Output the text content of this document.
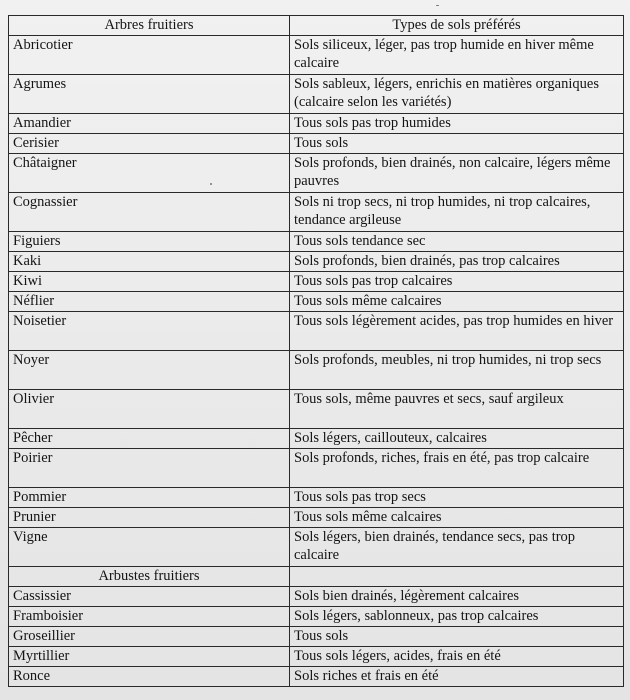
Arbres fruitiers	Types de sols préférés
Abricotier	Sols siliceux, léger, pas trop humide en hiver même calcaire
Agrumes	Sols sableux, légers, enrichis en matières organiques (calcaire selon les variétés)
Amandier	Tous sols pas trop humides
Cerisier	Tous sols
Châtaigner	Sols profonds, bien drainés, non calcaire, légers même pauvres
Cognassier	Sols ni trop secs, ni trop humides, ni trop calcaires, tendance argileuse
Figuiers	Tous sols tendance sec
Kaki	Sols profonds, bien drainés, pas trop calcaires
Kiwi	Tous sols pas trop calcaires
Néflier	Tous sols même calcaires
Noisetier	Tous sols légèrement acides, pas trop humides en hiver
Noyer	Sols profonds, meubles, ni trop humides, ni trop secs
Olivier	Tous sols, même pauvres et secs, sauf argileux
Pêcher	Sols légers, caillouteux, calcaires
Poirier	Sols profonds, riches, frais en été, pas trop calcaire
Pommier	Tous sols pas trop secs
Prunier	Tous sols même calcaires
Vigne	Sols légers, bien drainés, tendance secs, pas trop calcaire
Arbustes fruitiers	
Cassissier	Sols bien drainés, légèrement calcaires
Framboisier	Sols légers, sablonneux, pas trop calcaires
Groseillier	Tous sols
Myrtillier	Tous sols légers, acides, frais en été
Ronce	Sols riches et frais en été
